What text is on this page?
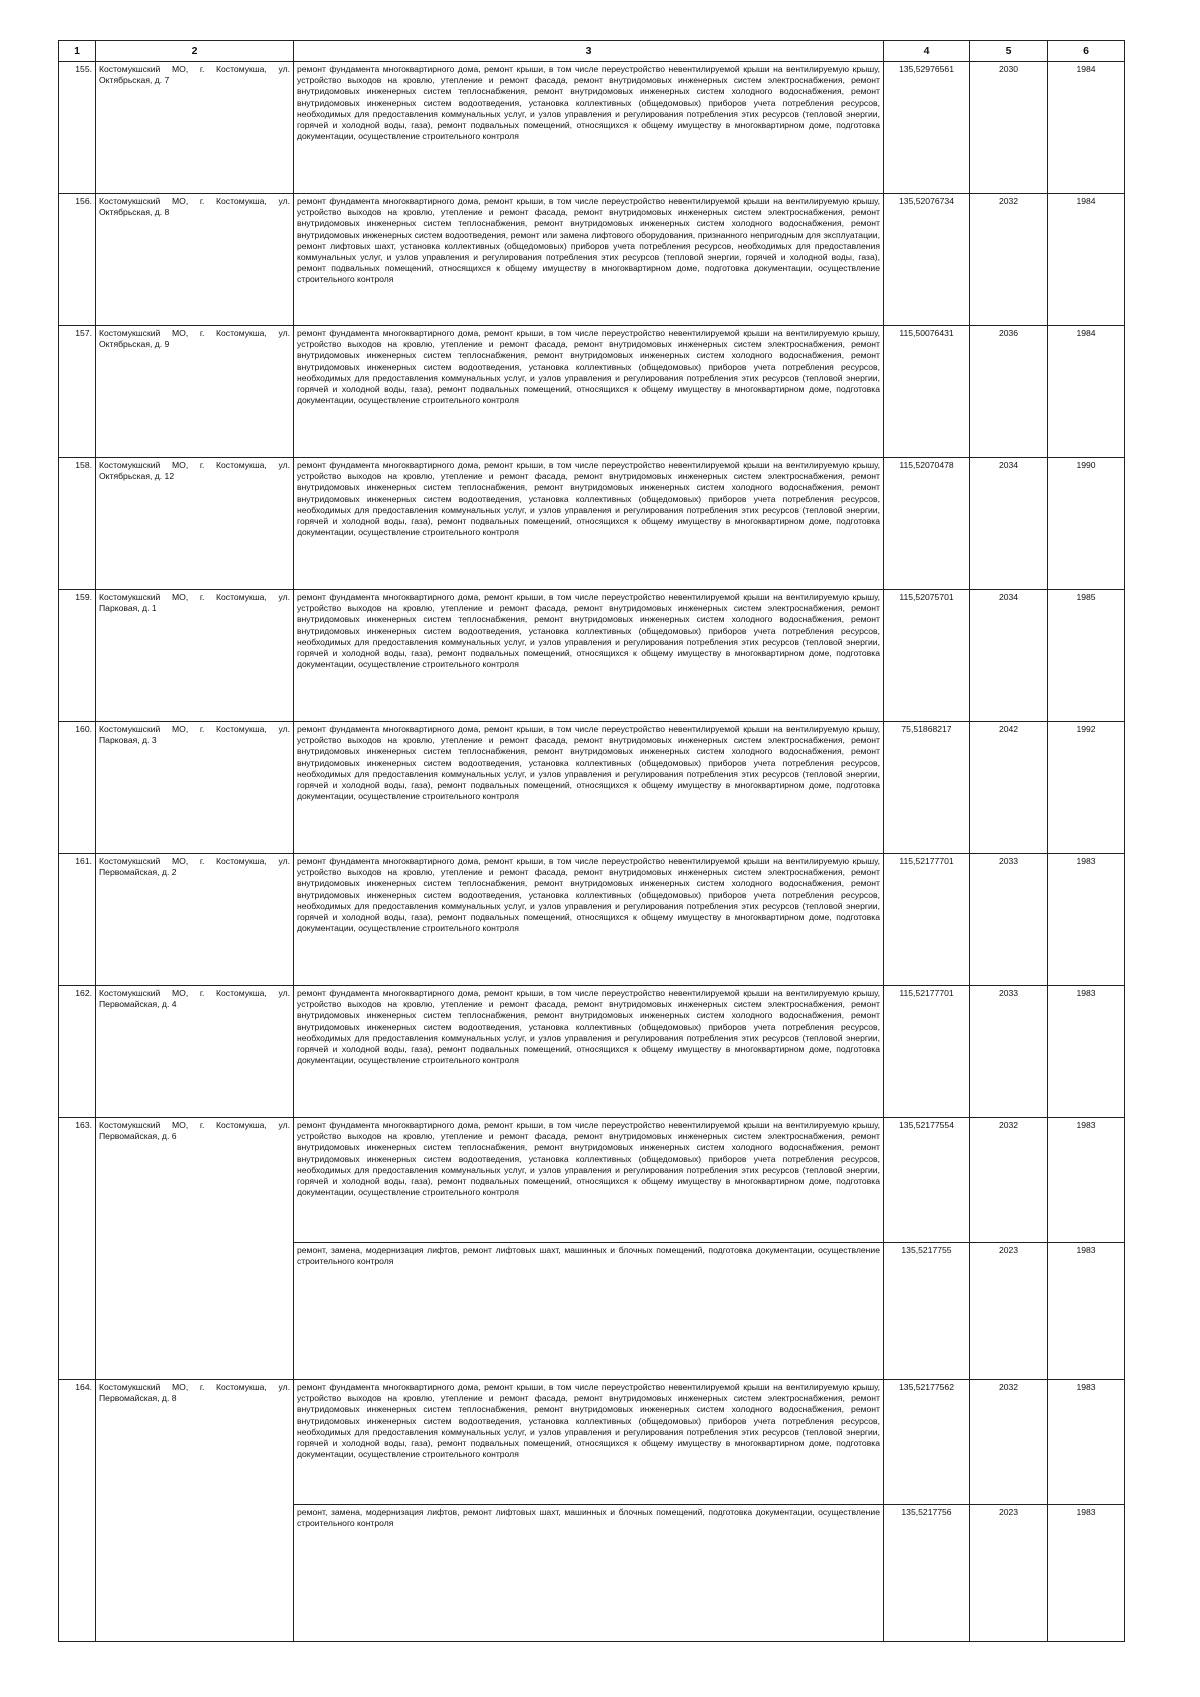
1	2	3	4	5	6
155.	Костомукшский МО, г. Костомукша, ул. Октябрьская, д. 7	ремонт фундамента многоквартирного дома, ремонт крыши, в том числе переустройство невентилируемой крыши на вентилируемую крышу, устройство выходов на кровлю, утепление и ремонт фасада, ремонт внутридомовых инженерных систем электроснабжения, ремонт внутридомовых инженерных систем теплоснабжения, ремонт внутридомовых инженерных систем холодного водоснабжения, ремонт внутридомовых инженерных систем водоотведения, установка коллективных (общедомовых) приборов учета потребления ресурсов, необходимых для предоставления коммунальных услуг, и узлов управления и регулирования потребления этих ресурсов (тепловой энергии, горячей и холодной воды, газа), ремонт подвальных помещений, относящихся к общему имуществу в многоквартирном доме, подготовка документации, осуществление строительного контроля	135,52976561	2030	1984
156.	Костомукшский МО, г. Костомукша, ул. Октябрьская, д. 8	ремонт фундамента многоквартирного дома, ремонт крыши, в том числе переустройство невентилируемой крыши на вентилируемую крышу, устройство выходов на кровлю, утепление и ремонт фасада, ремонт внутридомовых инженерных систем электроснабжения, ремонт внутридомовых инженерных систем теплоснабжения, ремонт внутридомовых инженерных систем холодного водоснабжения, ремонт внутридомовых инженерных систем водоотведения, ремонт или замена лифтового оборудования, признанного непригодным для эксплуатации, ремонт лифтовых шахт, установка коллективных (общедомовых) приборов учета потребления ресурсов, необходимых для предоставления коммунальных услуг, и узлов управления и регулирования потребления этих ресурсов (тепловой энергии, горячей и холодной воды, газа), ремонт подвальных помещений, относящихся к общему имуществу в многоквартирном доме, подготовка документации, осуществление строительного контроля	135,52076734	2032	1984
157.	Костомукшский МО, г. Костомукша, ул. Октябрьская, д. 9	ремонт фундамента многоквартирного дома, ремонт крыши, в том числе переустройство невентилируемой крыши на вентилируемую крышу, устройство выходов на кровлю, утепление и ремонт фасада, ремонт внутридомовых инженерных систем электроснабжения, ремонт внутридомовых инженерных систем теплоснабжения, ремонт внутридомовых инженерных систем холодного водоснабжения, ремонт внутридомовых инженерных систем водоотведения, установка коллективных (общедомовых) приборов учета потребления ресурсов, необходимых для предоставления коммунальных услуг, и узлов управления и регулирования потребления этих ресурсов (тепловой энергии, горячей и холодной воды, газа), ремонт подвальных помещений, относящихся к общему имуществу в многоквартирном доме, подготовка документации, осуществление строительного контроля	115,50076431	2036	1984
158.	Костомукшский МО, г. Костомукша, ул. Октябрьская, д. 12	ремонт фундамента многоквартирного дома, ремонт крыши, в том числе переустройство невентилируемой крыши на вентилируемую крышу, устройство выходов на кровлю, утепление и ремонт фасада, ремонт внутридомовых инженерных систем электроснабжения, ремонт внутридомовых инженерных систем теплоснабжения, ремонт внутридомовых инженерных систем холодного водоснабжения, ремонт внутридомовых инженерных систем водоотведения, установка коллективных (общедомовых) приборов учета потребления ресурсов, необходимых для предоставления коммунальных услуг, и узлов управления и регулирования потребления этих ресурсов (тепловой энергии, горячей и холодной воды, газа), ремонт подвальных помещений, относящихся к общему имуществу в многоквартирном доме, подготовка документации, осуществление строительного контроля	115,52070478	2034	1990
159.	Костомукшский МО, г. Костомукша, ул. Парковая, д. 1	ремонт фундамента многоквартирного дома, ремонт крыши, в том числе переустройство невентилируемой крыши на вентилируемую крышу, устройство выходов на кровлю, утепление и ремонт фасада, ремонт внутридомовых инженерных систем электроснабжения, ремонт внутридомовых инженерных систем теплоснабжения, ремонт внутридомовых инженерных систем холодного водоснабжения, ремонт внутридомовых инженерных систем водоотведения, установка коллективных (общедомовых) приборов учета потребления ресурсов, необходимых для предоставления коммунальных услуг, и узлов управления и регулирования потребления этих ресурсов (тепловой энергии, горячей и холодной воды, газа), ремонт подвальных помещений, относящихся к общему имуществу в многоквартирном доме, подготовка документации, осуществление строительного контроля	115,52075701	2034	1985
160.	Костомукшский МО, г. Костомукша, ул. Парковая, д. 3	ремонт фундамента многоквартирного дома, ремонт крыши, в том числе переустройство невентилируемой крыши на вентилируемую крышу, устройство выходов на кровлю, утепление и ремонт фасада, ремонт внутридомовых инженерных систем электроснабжения, ремонт внутридомовых инженерных систем теплоснабжения, ремонт внутридомовых инженерных систем холодного водоснабжения, ремонт внутридомовых инженерных систем водоотведения, установка коллективных (общедомовых) приборов учета потребления ресурсов, необходимых для предоставления коммунальных услуг, и узлов управления и регулирования потребления этих ресурсов (тепловой энергии, горячей и холодной воды, газа), ремонт подвальных помещений, относящихся к общему имуществу в многоквартирном доме, подготовка документации, осуществление строительного контроля	75,51868217	2042	1992
161.	Костомукшский МО, г. Костомукша, ул. Первомайская, д. 2	ремонт фундамента многоквартирного дома, ремонт крыши, в том числе переустройство невентилируемой крыши на вентилируемую крышу, устройство выходов на кровлю, утепление и ремонт фасада, ремонт внутридомовых инженерных систем электроснабжения, ремонт внутридомовых инженерных систем теплоснабжения, ремонт внутридомовых инженерных систем холодного водоснабжения, ремонт внутридомовых инженерных систем водоотведения, установка коллективных (общедомовых) приборов учета потребления ресурсов, необходимых для предоставления коммунальных услуг, и узлов управления и регулирования потребления этих ресурсов (тепловой энергии, горячей и холодной воды, газа), ремонт подвальных помещений, относящихся к общему имуществу в многоквартирном доме, подготовка документации, осуществление строительного контроля	115,52177701	2033	1983
162.	Костомукшский МО, г. Костомукша, ул. Первомайская, д. 4	ремонт фундамента многоквартирного дома, ремонт крыши, в том числе переустройство невентилируемой крыши на вентилируемую крышу, устройство выходов на кровлю, утепление и ремонт фасада, ремонт внутридомовых инженерных систем электроснабжения, ремонт внутридомовых инженерных систем теплоснабжения, ремонт внутридомовых инженерных систем холодного водоснабжения, ремонт внутридомовых инженерных систем водоотведения, установка коллективных (общедомовых) приборов учета потребления ресурсов, необходимых для предоставления коммунальных услуг, и узлов управления и регулирования потребления этих ресурсов (тепловой энергии, горячей и холодной воды, газа), ремонт подвальных помещений, относящихся к общему имуществу в многоквартирном доме, подготовка документации, осуществление строительного контроля	115,52177701	2033	1983
163.	Костомукшский МО, г. Костомукша, ул. Первомайская, д. 6	ремонт фундамента многоквартирного дома, ремонт крыши, в том числе переустройство невентилируемой крыши на вентилируемую крышу, устройство выходов на кровлю, утепление и ремонт фасада, ремонт внутридомовых инженерных систем электроснабжения, ремонт внутридомовых инженерных систем теплоснабжения, ремонт внутридомовых инженерных систем холодного водоснабжения, ремонт внутридомовых инженерных систем водоотведения, установка коллективных (общедомовых) приборов учета потребления ресурсов, необходимых для предоставления коммунальных услуг, и узлов управления и регулирования потребления этих ресурсов (тепловой энергии, горячей и холодной воды, газа), ремонт подвальных помещений, относящихся к общему имуществу в многоквартирном доме, подготовка документации, осуществление строительного контроля	135,52177554	2032	1983
		ремонт, замена, модернизация лифтов, ремонт лифтовых шахт, машинных и блочных помещений, подготовка документации, осуществление строительного контроля	135,5217755	2023	1983
164.	Костомукшский МО, г. Костомукша, ул. Первомайская, д. 8	ремонт фундамента многоквартирного дома, ремонт крыши, в том числе переустройство невентилируемой крыши на вентилируемую крышу, устройство выходов на кровлю, утепление и ремонт фасада, ремонт внутридомовых инженерных систем электроснабжения, ремонт внутридомовых инженерных систем теплоснабжения, ремонт внутридомовых инженерных систем холодного водоснабжения, ремонт внутридомовых инженерных систем водоотведения, установка коллективных (общедомовых) приборов учета потребления ресурсов, необходимых для предоставления коммунальных услуг, и узлов управления и регулирования потребления этих ресурсов (тепловой энергии, горячей и холодной воды, газа), ремонт подвальных помещений, относящихся к общему имуществу в многоквартирном доме, подготовка документации, осуществление строительного контроля	135,52177562	2032	1983
		ремонт, замена, модернизация лифтов, ремонт лифтовых шахт, машинных и блочных помещений, подготовка документации, осуществление строительного контроля	135,5217756	2023	1983
